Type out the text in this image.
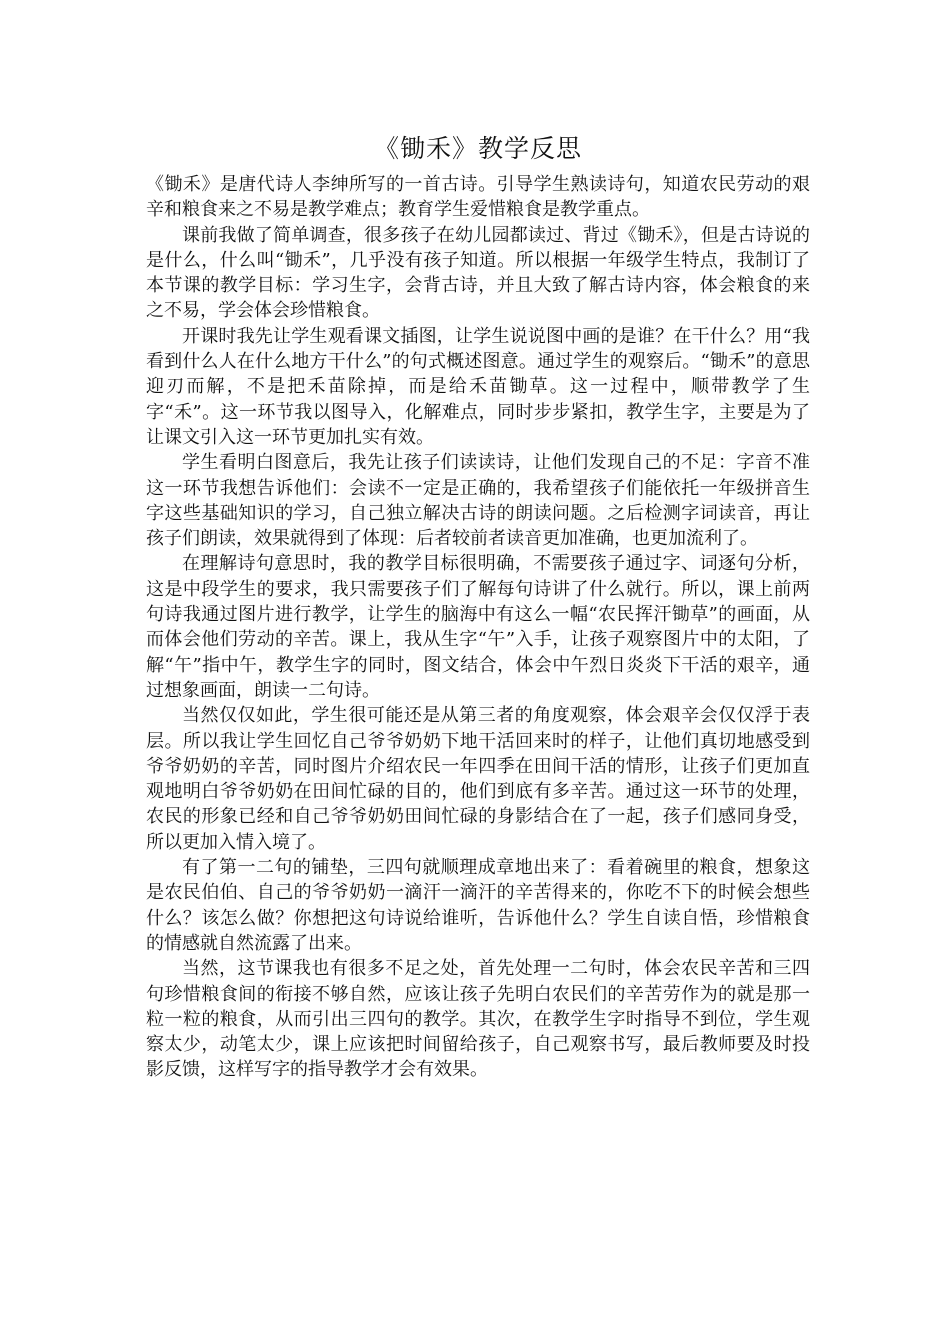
《锄禾》教学反思

《锄禾》是唐代诗人李绅所写的一首古诗。引导学生熟读诗句，知道农民劳动的艰辛和粮食来之不易是教学难点；教育学生爱惜粮食是教学重点。

课前我做了简单调查，很多孩子在幼儿园都读过、背过《锄禾》，但是古诗说的是什么，什么叫“锄禾”，几乎没有孩子知道。所以根据一年级学生特点，我制订了本节课的教学目标：学习生字，会背古诗，并且大致了解古诗内容，体会粮食的来之不易，学会体会珍惜粮食。

开课时我先让学生观看课文插图，让学生说说图中画的是谁？在干什么？用“我看到什么人在什么地方干什么”的句式概述图意。通过学生的观察后。“锄禾”的意思迎刃而解，不是把禾苗除掉，而是给禾苗锄草。这一过程中，顺带教学了生字“禾”。这一环节我以图导入，化解难点，同时步步紧扣，教学生字，主要是为了让课文引入这一环节更加扎实有效。

学生看明白图意后，我先让孩子们读读诗，让他们发现自己的不足：字音不准这一环节我想告诉他们：会读不一定是正确的，我希望孩子们能依托一年级拼音生字这些基础知识的学习，自己独立解决古诗的朗读问题。之后检测字词读音，再让孩子们朗读，效果就得到了体现：后者较前者读音更加准确，也更加流利了。

在理解诗句意思时，我的教学目标很明确，不需要孩子通过字、词逐句分析，这是中段学生的要求，我只需要孩子们了解每句诗讲了什么就行。所以，课上前两句诗我通过图片进行教学，让学生的脑海中有这么一幅“农民挥汗锄草”的画面，从而体会他们劳动的辛苦。课上，我从生字“午”入手，让孩子观察图片中的太阳，了解“午”指中午，教学生字的同时，图文结合，体会中午烈日炎炎下干活的艰辛，通过想象画面，朗读一二句诗。

当然仅仅如此，学生很可能还是从第三者的角度观察，体会艰辛会仅仅浮于表层。所以我让学生回忆自己爷爷奶奶下地干活回来时的样子，让他们真切地感受到爷爷奶奶的辛苦，同时图片介绍农民一年四季在田间干活的情形，让孩子们更加直观地明白爷爷奶奶在田间忙碌的目的，他们到底有多辛苦。通过这一环节的处理，农民的形象已经和自己爷爷奶奶田间忙碌的身影结合在了一起，孩子们感同身受，所以更加入情入境了。

有了第一二句的铺垫，三四句就顺理成章地出来了：看着碗里的粮食，想象这是农民伯伯、自己的爷爷奶奶一滴汗一滴汗的辛苦得来的，你吃不下的时候会想些什么？该怎么做？你想把这句诗说给谁听，告诉他什么？学生自读自悟，珍惜粮食的情感就自然流露了出来。

当然，这节课我也有很多不足之处，首先处理一二句时，体会农民辛苦和三四句珍惜粮食间的衔接不够自然，应该让孩子先明白农民们的辛苦劳作为的就是那一粒一粒的粮食，从而引出三四句的教学。其次，在教学生字时指导不到位，学生观察太少，动笔太少，课上应该把时间留给孩子，自己观察书写，最后教师要及时投影反馈，这样写字的指导教学才会有效果。
